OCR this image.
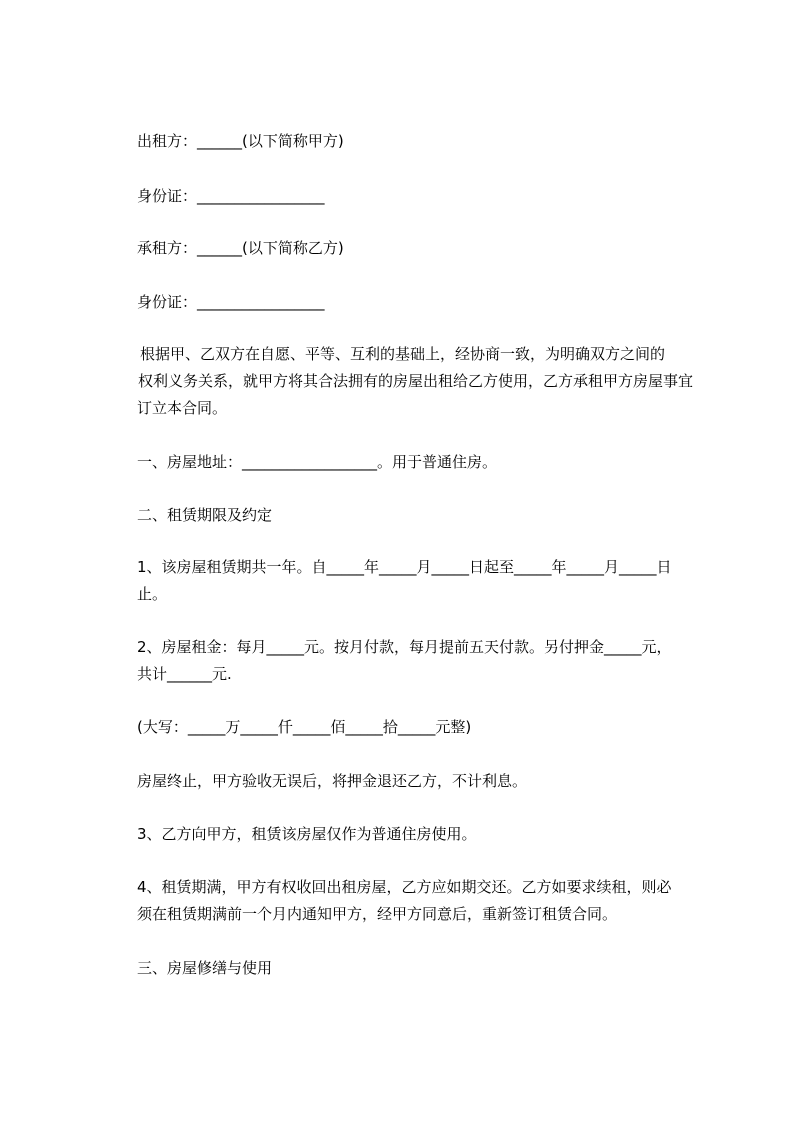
出租方：______(以下简称甲方)
身份证：_________________
承租方：______(以下简称乙方)
身份证：_________________
根据甲、乙双方在自愿、平等、互利的基础上，经协商一致，为明确双方之间的
权利义务关系，就甲方将其合法拥有的房屋出租给乙方使用，乙方承租甲方房屋事宜
订立本合同。
一、房屋地址：__________________。用于普通住房。
二、租赁期限及约定
1、该房屋租赁期共一年。自_____年_____月_____日起至_____年_____月_____日
止。
2、房屋租金：每月_____元。按月付款，每月提前五天付款。另付押金_____元，
共计______元.
(大写：_____万_____仟_____佰_____拾_____元整)
房屋终止，甲方验收无误后，将押金退还乙方，不计利息。
3、乙方向甲方，租赁该房屋仅作为普通住房使用。
4、租赁期满，甲方有权收回出租房屋，乙方应如期交还。乙方如要求续租，则必
须在租赁期满前一个月内通知甲方，经甲方同意后，重新签订租赁合同。
三、房屋修缮与使用
